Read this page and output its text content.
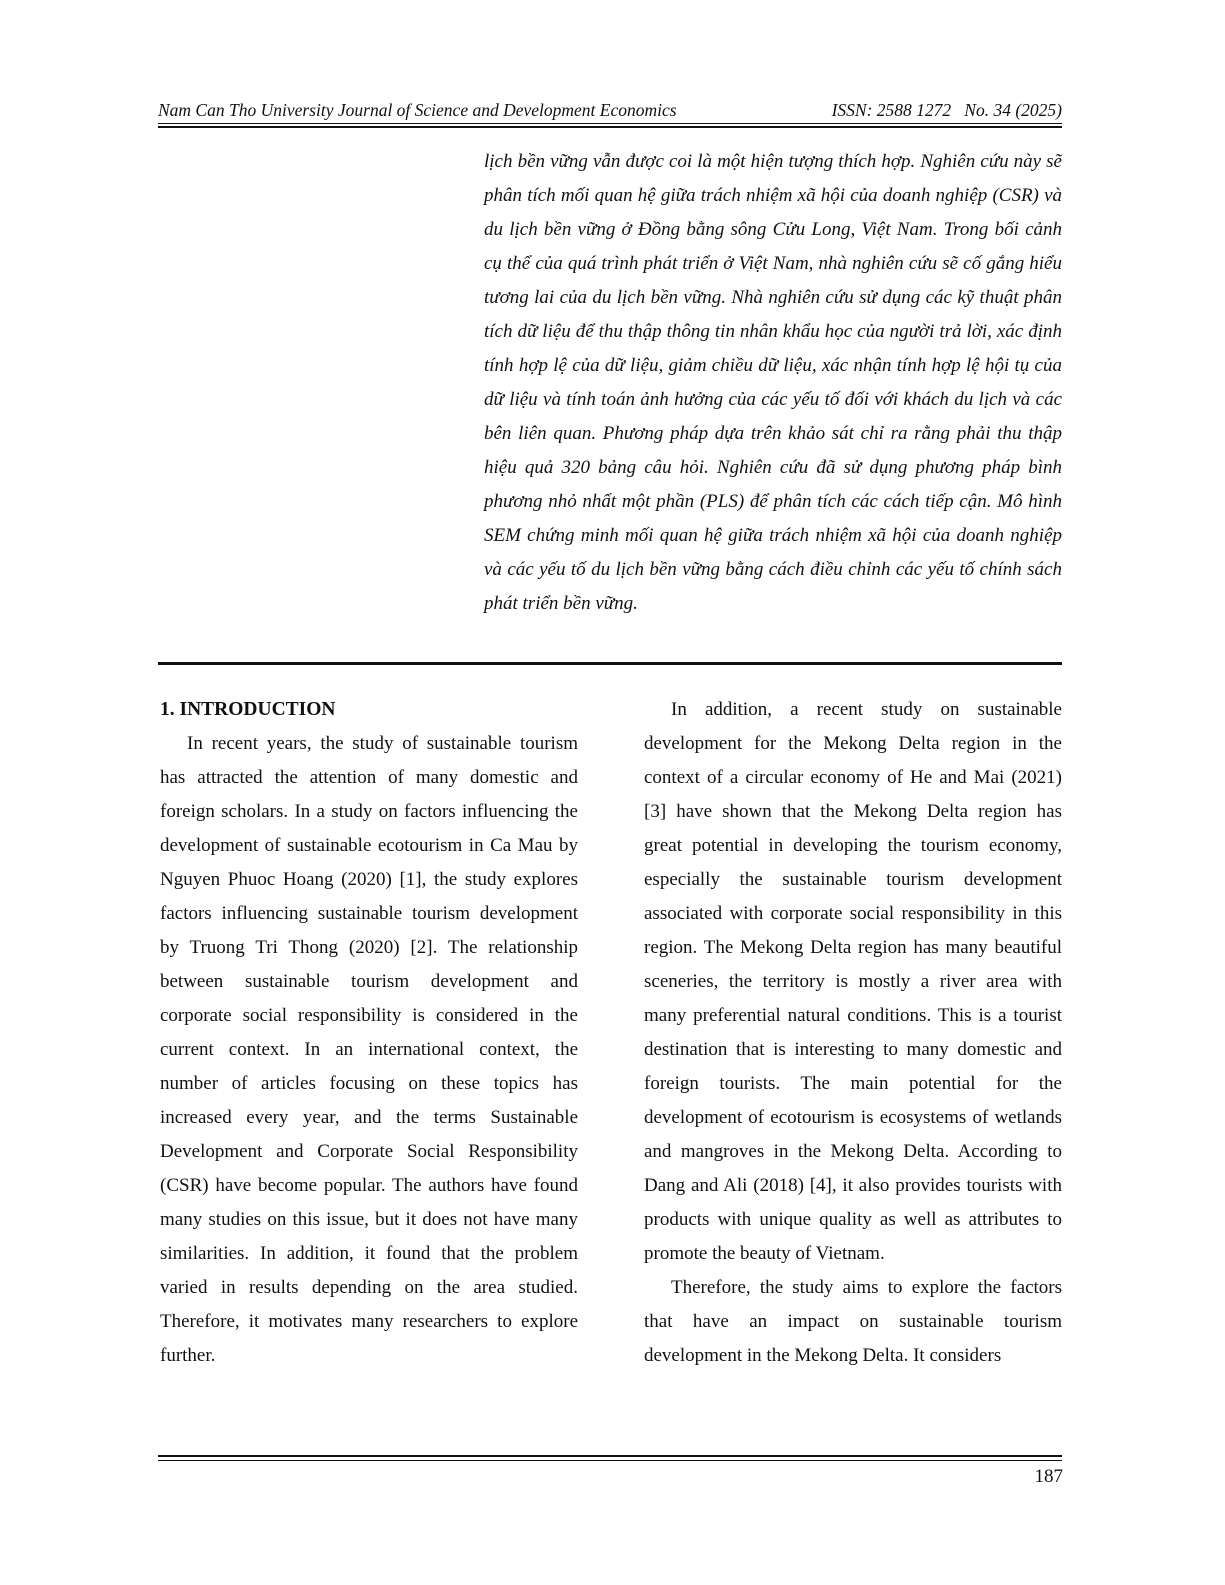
Nam Can Tho University Journal of Science and Development Economics	ISSN: 2588 1272   No. 34 (2025)

lịch bền vững vẫn được coi là một hiện tượng thích hợp. Nghiên cứu này sẽ phân tích mối quan hệ giữa trách nhiệm xã hội của doanh nghiệp (CSR) và du lịch bền vững ở Đồng bằng sông Cửu Long, Việt Nam. Trong bối cảnh cụ thể của quá trình phát triển ở Việt Nam, nhà nghiên cứu sẽ cố gắng hiểu tương lai của du lịch bền vững. Nhà nghiên cứu sử dụng các kỹ thuật phân tích dữ liệu để thu thập thông tin nhân khẩu học của người trả lời, xác định tính hợp lệ của dữ liệu, giảm chiều dữ liệu, xác nhận tính hợp lệ hội tụ của dữ liệu và tính toán ảnh hưởng của các yếu tố đối với khách du lịch và các bên liên quan. Phương pháp dựa trên khảo sát chỉ ra rằng phải thu thập hiệu quả 320 bảng câu hỏi. Nghiên cứu đã sử dụng phương pháp bình phương nhỏ nhất một phần (PLS) để phân tích các cách tiếp cận. Mô hình SEM chứng minh mối quan hệ giữa trách nhiệm xã hội của doanh nghiệp và các yếu tố du lịch bền vững bằng cách điều chỉnh các yếu tố chính sách phát triển bền vững.

1. INTRODUCTION

In recent years, the study of sustainable tourism has attracted the attention of many domestic and foreign scholars. In a study on factors influencing the development of sustainable ecotourism in Ca Mau by Nguyen Phuoc Hoang (2020) [1], the study explores factors influencing sustainable tourism development by Truong Tri Thong (2020) [2]. The relationship between sustainable tourism development and corporate social responsibility is considered in the current context. In an international context, the number of articles focusing on these topics has increased every year, and the terms Sustainable Development and Corporate Social Responsibility (CSR) have become popular. The authors have found many studies on this issue, but it does not have many similarities. In addition, it found that the problem varied in results depending on the area studied. Therefore, it motivates many researchers to explore further.

In addition, a recent study on sustainable development for the Mekong Delta region in the context of a circular economy of He and Mai (2021) [3] have shown that the Mekong Delta region has great potential in developing the tourism economy, especially the sustainable tourism development associated with corporate social responsibility in this region. The Mekong Delta region has many beautiful sceneries, the territory is mostly a river area with many preferential natural conditions. This is a tourist destination that is interesting to many domestic and foreign tourists. The main potential for the development of ecotourism is ecosystems of wetlands and mangroves in the Mekong Delta. According to Dang and Ali (2018) [4], it also provides tourists with products with unique quality as well as attributes to promote the beauty of Vietnam.

Therefore, the study aims to explore the factors that have an impact on sustainable tourism development in the Mekong Delta. It considers

187
